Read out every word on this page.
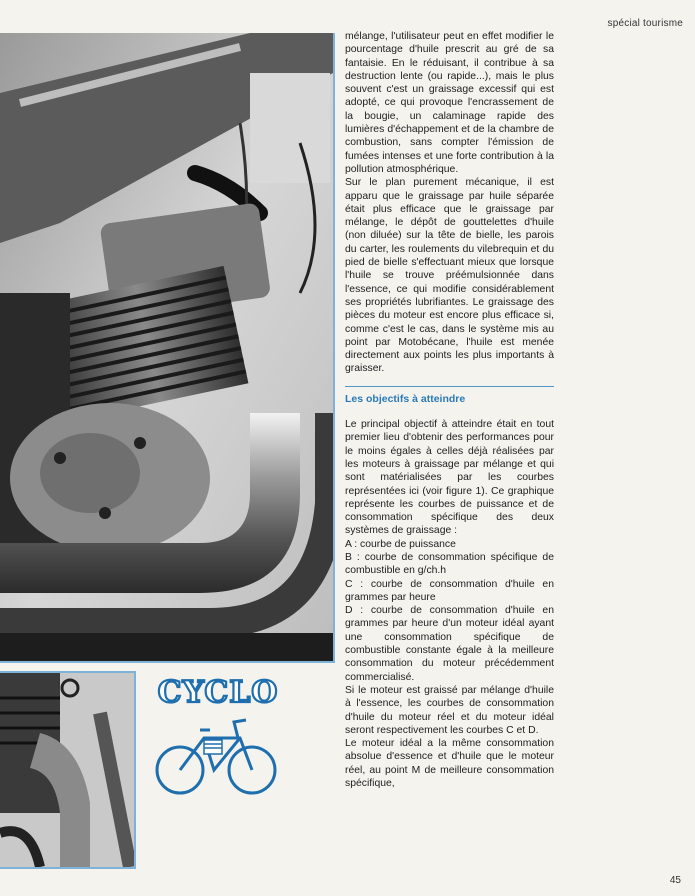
spécial tourisme
CYCLO

mélange, l'utilisateur peut en effet modifier le pourcentage d'huile prescrit au gré de sa fantaisie. En le réduisant, il contribue à sa destruction lente (ou rapide...), mais le plus souvent c'est un graissage excessif qui est adopté, ce qui provoque l'encrassement de la bougie, un calaminage rapide des lumières d'échappement et de la chambre de combustion, sans compter l'émission de fumées intenses et une forte contribution à la pollution atmosphérique.

Sur le plan purement mécanique, il est apparu que le graissage par huile séparée était plus efficace que le graissage par mélange, le dépôt de gouttelettes d'huile (non diluée) sur la tête de bielle, les parois du carter, les roulements du vilebrequin et du pied de bielle s'effectuant mieux que lorsque l'huile se trouve préémulsionnée dans l'essence, ce qui modifie considérablement ses propriétés lubrifiantes. Le graissage des pièces du moteur est encore plus efficace si, comme c'est le cas, dans le système mis au point par Motobécane, l'huile est menée directement aux points les plus importants à graisser.

Les objectifs à atteindre

Le principal objectif à atteindre était en tout premier lieu d'obtenir des performances pour le moins égales à celles déjà réalisées par les moteurs à graissage par mélange et qui sont matérialisées par les courbes représentées ici (voir figure 1). Ce graphique représente les courbes de puissance et de consommation spécifique des deux systèmes de graissage :

A : courbe de puissance

B : courbe de consommation spécifique de combustible en g/ch.h

C : courbe de consommation d'huile en grammes par heure

D : courbe de consommation d'huile en grammes par heure d'un moteur idéal ayant une consommation spécifique de combustible constante égale à la meilleure consommation du moteur précédemment commercialisé.

Si le moteur est graissé par mélange d'huile à l'essence, les courbes de consommation d'huile du moteur réel et du moteur idéal seront respectivement les courbes C et D.

Le moteur idéal a la même consommation absolue d'essence et d'huile que le moteur réel, au point M de meilleure consommation spécifique,

45
